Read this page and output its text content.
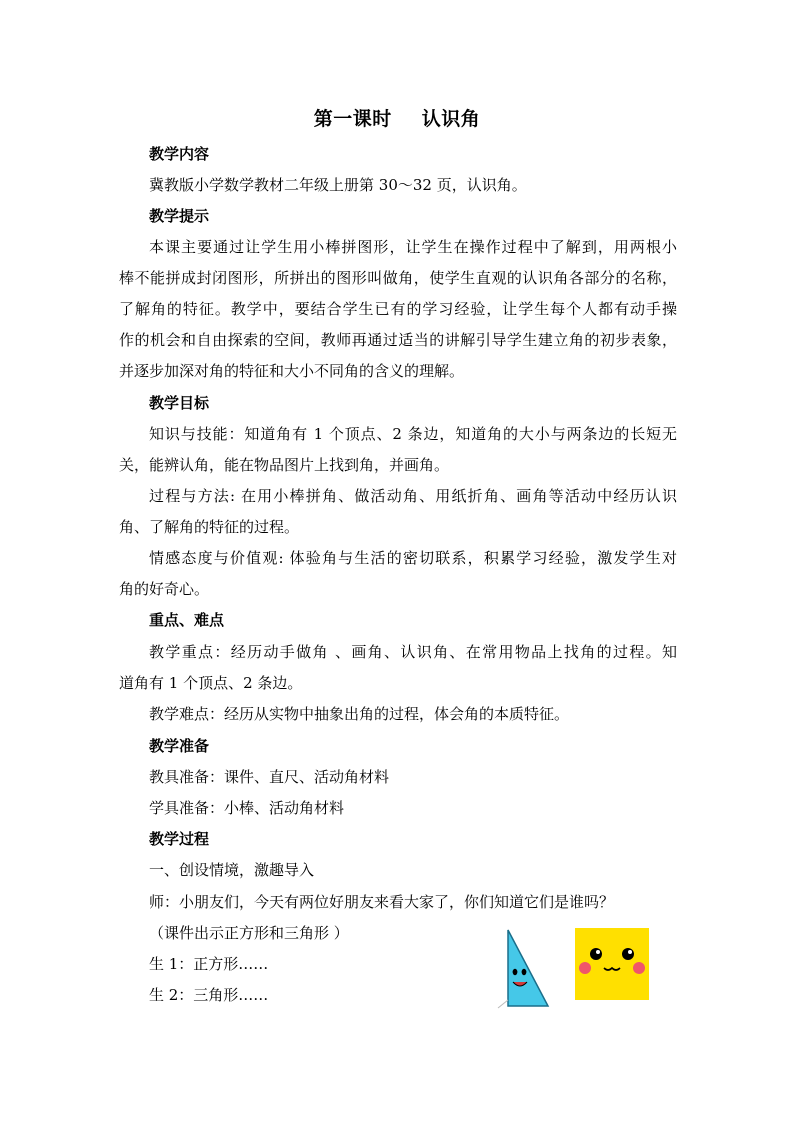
第一课时 认识角
教学内容
冀教版小学数学教材二年级上册第 30～32 页，认识角。
教学提示
本课主要通过让学生用小棒拼图形，让学生在操作过程中了解到，用两根小
棒不能拼成封闭图形，所拼出的图形叫做角，使学生直观的认识角各部分的名称，
了解角的特征。教学中，要结合学生已有的学习经验，让学生每个人都有动手操
作的机会和自由探索的空间，教师再通过适当的讲解引导学生建立角的初步表象，
并逐步加深对角的特征和大小不同角的含义的理解。
教学目标
知识与技能：知道角有 1 个顶点、2 条边，知道角的大小与两条边的长短无
关，能辨认角，能在物品图片上找到角，并画角。
过程与方法: 在用小棒拼角、做活动角、用纸折角、画角等活动中经历认识
角、了解角的特征的过程。
情感态度与价值观: 体验角与生活的密切联系，积累学习经验，激发学生对
角的好奇心。
重点、难点
教学重点：经历动手做角 、画角、认识角、在常用物品上找角的过程。知
道角有 1 个顶点、2 条边。
教学难点：经历从实物中抽象出角的过程，体会角的本质特征。
教学准备
教具准备：课件、直尺、活动角材料
学具准备：小棒、活动角材料
教学过程
一、创设情境，激趣导入
师：小朋友们，今天有两位好朋友来看大家了，你们知道它们是谁吗？
（课件出示正方形和三角形 ）
生 1：正方形……
生 2：三角形……
